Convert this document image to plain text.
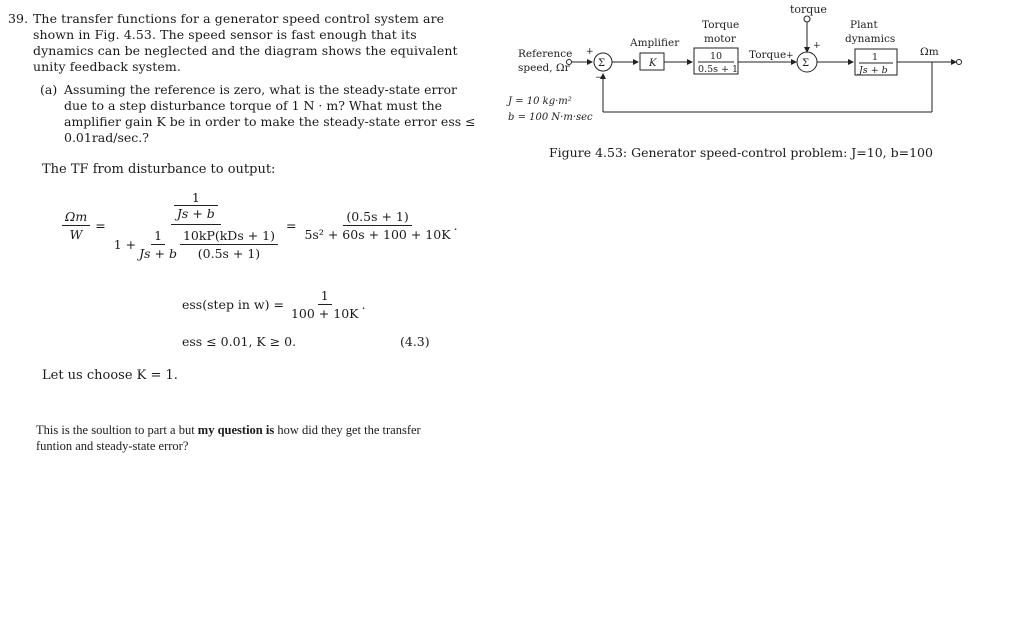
39. The transfer functions for a generator speed control system are shown in Fig. 4.53. The speed sensor is fast enough that its dynamics can be neglected and the diagram shows the equivalent unity feedback system.
(a) Assuming the reference is zero, what is the steady-state error due to a step disturbance torque of 1 N · m? What must the amplifier gain K be in order to make the steady-state error ess ≤ 0.01rad/sec.?
torque
Reference
speed, Ωr	Σ
+
−
Amplifier
K
Torque
motor
10
0.5s + 1
Torque +
Σ
+
Plant
dynamics
1
Js + b
Ωm
J = 10 kg·m²
b = 100 N·m·sec
Figure 4.53: Generator speed-control problem: J=10, b=100
The TF from disturbance to output:
$\frac{\Omega m}{W}$ =
1
Js + b
$1 + \frac{1}{Js + b} \frac{\text{10kP(kDs + 1)}}{(0.5s + 1)}$
= $\frac{(0.5s + 1)}{\text{5s² + 60s + 100 + 10K}}$ .
ess(step in $w) = \frac{1}{100 + 10K}$ .
ess ≤ 0.01, K ≥ 0.	(4.3)
Let us choose K = 1.
This is the soultion to part a but my question is how did they get the transfer funtion and steady-state error?
